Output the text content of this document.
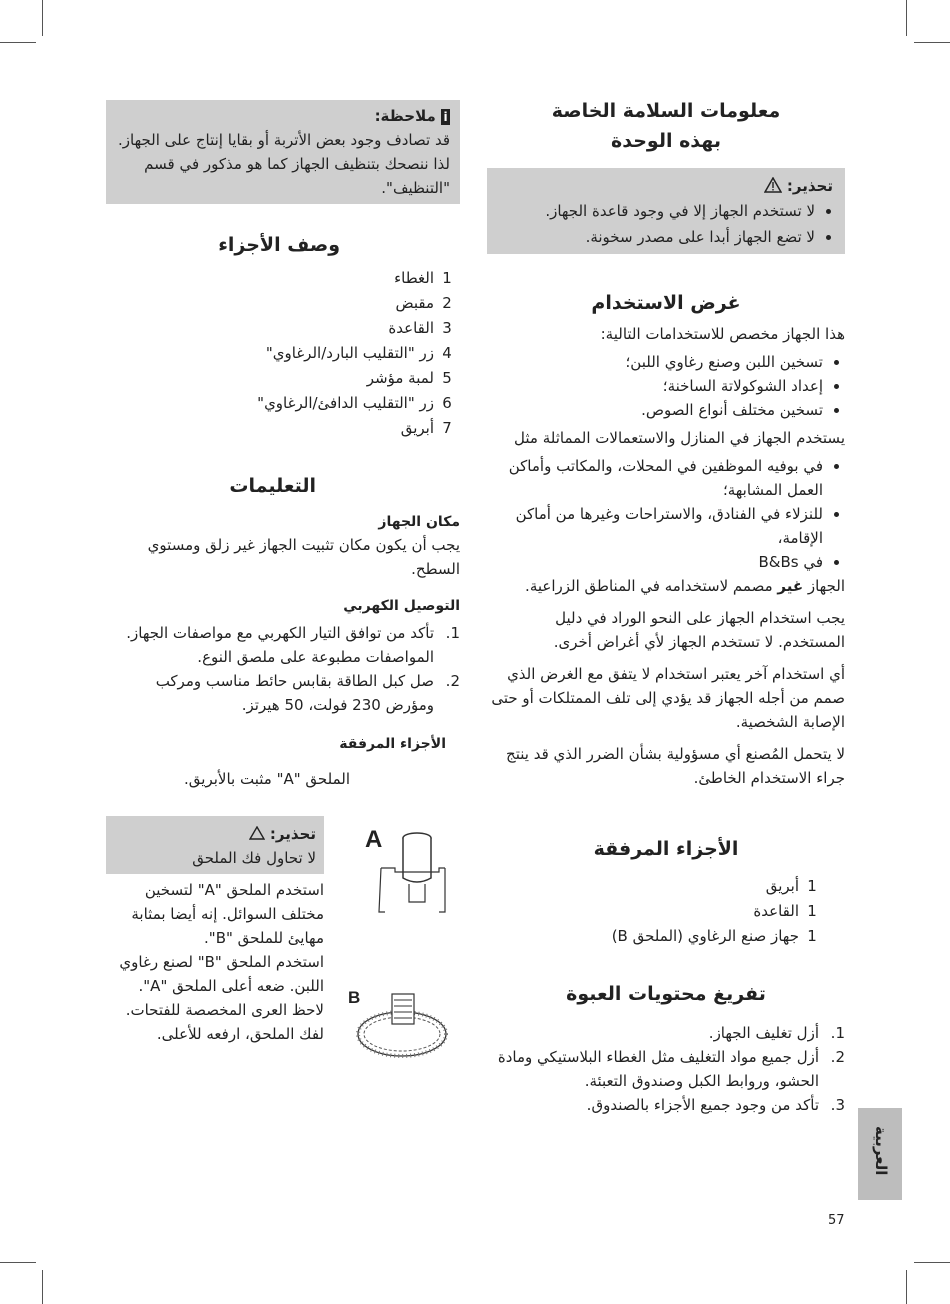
معلومات السلامة الخاصة
بهذه الوحدة
تحذير:
• لا تستخدم الجهاز إلا في وجود قاعدة الجهاز.
• لا تضع الجهاز أبدا على مصدر سخونة.
غرض الاستخدام

هذا الجهاز مخصص للاستخدامات التالية:

• تسخين اللبن وصنع رغاوي اللبن؛
• إعداد الشوكولاتة الساخنة؛
• تسخين مختلف أنواع الصوص.

يستخدم الجهاز في المنازل والاستعمالات المماثلة مثل

• في بوفيه الموظفين في المحلات، والمكاتب وأماكن العمل المشابهة؛
• للنزلاء في الفنادق، والاستراحات وغيرها من أماكن الإقامة،
• في B&Bs

الجهاز غير مصمم لاستخدامه في المناطق الزراعية.

يجب استخدام الجهاز على النحو الوراد في دليل المستخدم. لا تستخدم الجهاز لأي أغراض أخرى.

أي استخدام آخر يعتبر استخدام لا يتفق مع الغرض الذي صمم من أجله الجهاز قد يؤدي إلى تلف الممتلكات أو حتى الإصابة الشخصية.

لا يتحمل المُصنع أي مسؤولية بشأن الضرر الذي قد ينتج جراء الاستخدام الخاطئ.

الأجزاء المرفقة
1
أبريق
1
القاعدة
1
جهاز صنع الرغاوي (الملحق B)
تفريغ محتويات العبوة
1.
أزل تغليف الجهاز.
2.
أزل جميع مواد التغليف مثل الغطاء البلاستيكي ومادة الحشو، وروابط الكبل وصندوق التعبئة.
3.
تأكد من وجود جميع الأجزاء بالصندوق.
i ملاحظة:

قد تصادف وجود بعض الأتربة أو بقايا إنتاج على الجهاز. لذا ننصحك بتنظيف الجهاز كما هو مذكور في قسم "التنظيف".

وصف الأجزاء
1
الغطاء
2
مقبض
3
القاعدة
4
زر "التقليب البارد/الرغاوي"
5
لمبة مؤشر
6
زر "التقليب الدافئ/الرغاوي"
7
أبريق
التعليمات
مكان الجهاز

يجب أن يكون مكان تثبيت الجهاز غير زلق ومستوي السطح.

التوصيل الكهربي
1.
تأكد من توافق التيار الكهربي مع مواصفات الجهاز. المواصفات مطبوعة على ملصق النوع.
2.
صل كبل الطاقة بقابس حائط مناسب ومركب ومؤرض 230 فولت، 50 هيرتز.
الأجزاء المرفقة

الملحق "A" مثبت بالأبريق.

تحذير:

لا تحاول فك الملحق

استخدم الملحق "A" لتسخين مختلف السوائل. إنه أيضا بمثابة مهايئ للملحق "B".

استخدم الملحق "B" لصنع رغاوي اللبن. ضعه أعلى الملحق "A". لاحظ العرى المخصصة للفتحات. لفك الملحق، ارفعه للأعلى.

A
B
العربية
57
